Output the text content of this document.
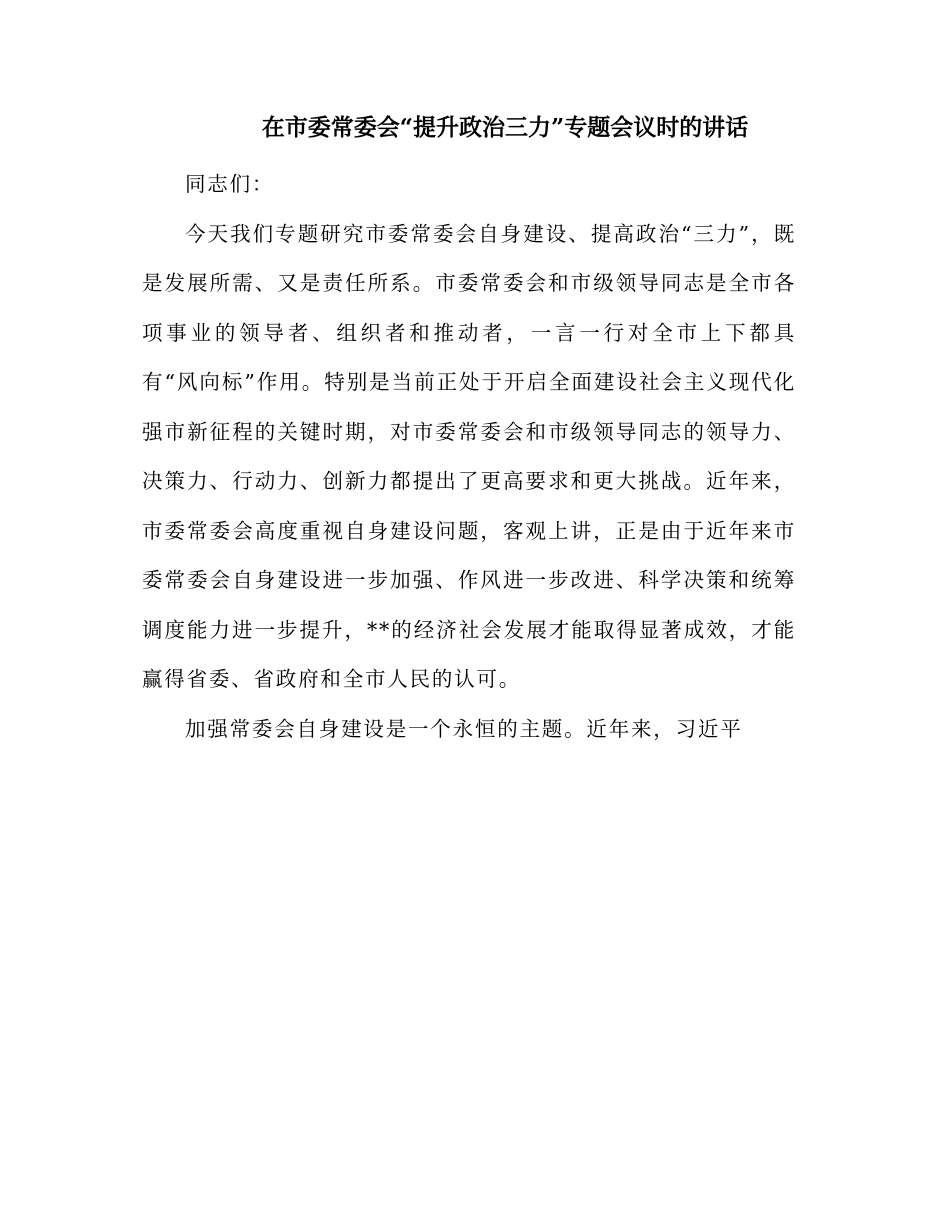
在市委常委会“提升政治三力”专题会议时的讲话

同志们：

今天我们专题研究市委常委会自身建设、提高政治“三力”，既是发展所需、又是责任所系。市委常委会和市级领导同志是全市各项事业的领导者、组织者和推动者，一言一行对全市上下都具有“风向标”作用。特别是当前正处于开启全面建设社会主义现代化强市新征程的关键时期，对市委常委会和市级领导同志的领导力、决策力、行动力、创新力都提出了更高要求和更大挑战。近年来，市委常委会高度重视自身建设问题，客观上讲，正是由于近年来市委常委会自身建设进一步加强、作风进一步改进、科学决策和统筹调度能力进一步提升，**的经济社会发展才能取得显著成效，才能赢得省委、省政府和全市人民的认可。

加强常委会自身建设是一个永恒的主题。近年来，习近平
